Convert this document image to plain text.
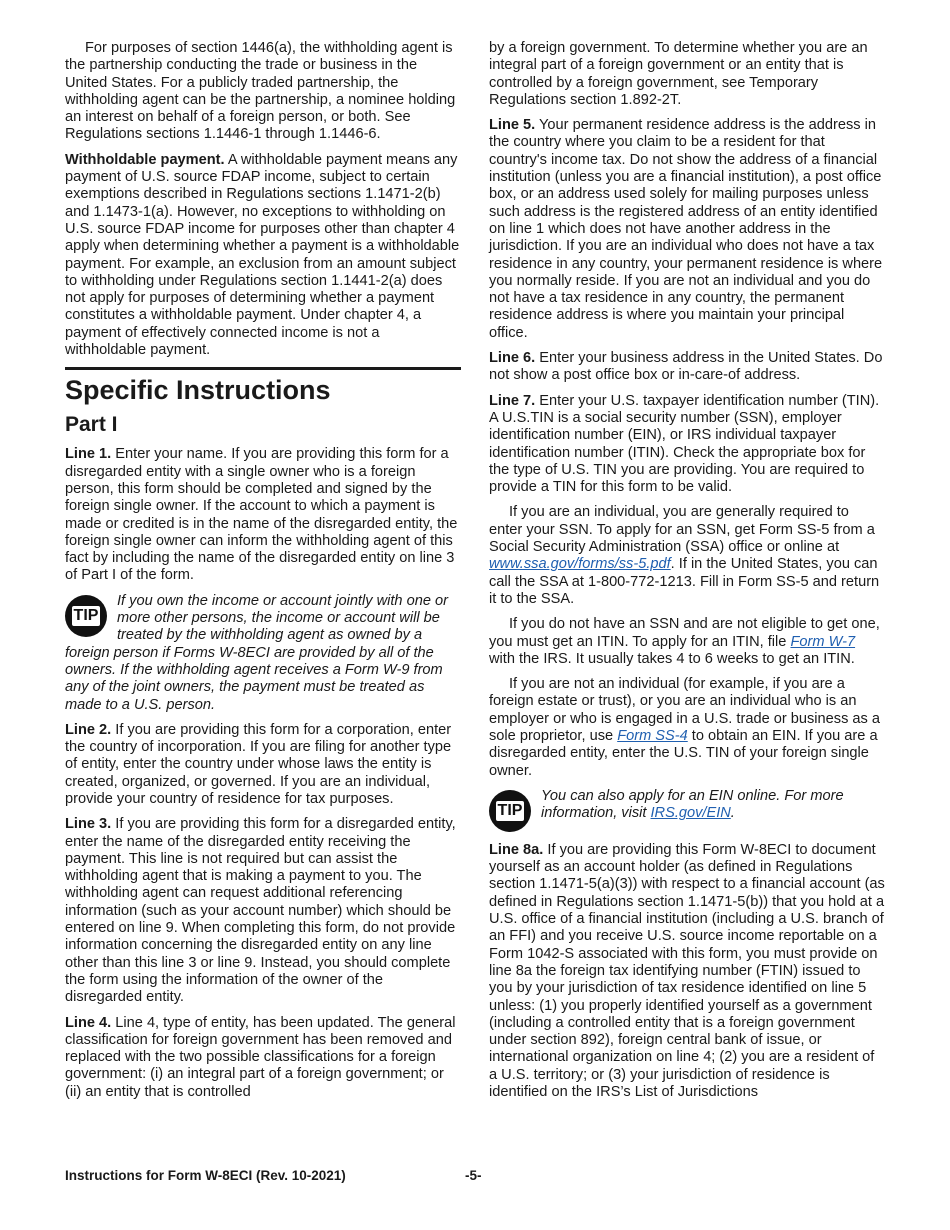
For purposes of section 1446(a), the withholding agent is the partnership conducting the trade or business in the United States. For a publicly traded partnership, the withholding agent can be the partnership, a nominee holding an interest on behalf of a foreign person, or both. See Regulations sections 1.1446-1 through 1.1446-6.

Withholdable payment. A withholdable payment means any payment of U.S. source FDAP income, subject to certain exemptions described in Regulations sections 1.1471-2(b) and 1.1473-1(a). However, no exceptions to withholding on U.S. source FDAP income for purposes other than chapter 4 apply when determining whether a payment is a withholdable payment. For example, an exclusion from an amount subject to withholding under Regulations section 1.1441-2(a) does not apply for purposes of determining whether a payment constitutes a withholdable payment. Under chapter 4, a payment of effectively connected income is not a withholdable payment.

Specific Instructions
Part I

Line 1. Enter your name. If you are providing this form for a disregarded entity with a single owner who is a foreign person, this form should be completed and signed by the foreign single owner. If the account to which a payment is made or credited is in the name of the disregarded entity, the foreign single owner can inform the withholding agent of this fact by including the name of the disregarded entity on line 3 of Part I of the form.

TIP
If you own the income or account jointly with one or more other persons, the income or account will be treated by the withholding agent as owned by a foreign person if Forms W-8ECI are provided by all of the owners. If the withholding agent receives a Form W-9 from any of the joint owners, the payment must be treated as made to a U.S. person.

Line 2. If you are providing this form for a corporation, enter the country of incorporation. If you are filing for another type of entity, enter the country under whose laws the entity is created, organized, or governed. If you are an individual, provide your country of residence for tax purposes.

Line 3. If you are providing this form for a disregarded entity, enter the name of the disregarded entity receiving the payment. This line is not required but can assist the withholding agent that is making a payment to you. The withholding agent can request additional referencing information (such as your account number) which should be entered on line 9. When completing this form, do not provide information concerning the disregarded entity on any line other than this line 3 or line 9. Instead, you should complete the form using the information of the owner of the disregarded entity.

Line 4. Line 4, type of entity, has been updated. The general classification for foreign government has been removed and replaced with the two possible classifications for a foreign government: (i) an integral part of a foreign government; or (ii) an entity that is controlled

by a foreign government. To determine whether you are an integral part of a foreign government or an entity that is controlled by a foreign government, see Temporary Regulations section 1.892-2T.

Line 5. Your permanent residence address is the address in the country where you claim to be a resident for that country's income tax. Do not show the address of a financial institution (unless you are a financial institution), a post office box, or an address used solely for mailing purposes unless such address is the registered address of an entity identified on line 1 which does not have another address in the jurisdiction. If you are an individual who does not have a tax residence in any country, your permanent residence is where you normally reside. If you are not an individual and you do not have a tax residence in any country, the permanent residence address is where you maintain your principal office.

Line 6. Enter your business address in the United States. Do not show a post office box or in-care-of address.

Line 7. Enter your U.S. taxpayer identification number (TIN). A U.S.TIN is a social security number (SSN), employer identification number (EIN), or IRS individual taxpayer identification number (ITIN). Check the appropriate box for the type of U.S. TIN you are providing. You are required to provide a TIN for this form to be valid.

If you are an individual, you are generally required to enter your SSN. To apply for an SSN, get Form SS-5 from a Social Security Administration (SSA) office or online at www.ssa.gov/forms/ss-5.pdf. If in the United States, you can call the SSA at 1-800-772-1213. Fill in Form SS-5 and return it to the SSA.

If you do not have an SSN and are not eligible to get one, you must get an ITIN. To apply for an ITIN, file Form W-7 with the IRS. It usually takes 4 to 6 weeks to get an ITIN.

If you are not an individual (for example, if you are a foreign estate or trust), or you are an individual who is an employer or who is engaged in a U.S. trade or business as a sole proprietor, use Form SS-4 to obtain an EIN. If you are a disregarded entity, enter the U.S. TIN of your foreign single owner.

TIP
You can also apply for an EIN online. For more information, visit IRS.gov/EIN.

Line 8a. If you are providing this Form W-8ECI to document yourself as an account holder (as defined in Regulations section 1.1471-5(a)(3)) with respect to a financial account (as defined in Regulations section 1.1471-5(b)) that you hold at a U.S. office of a financial institution (including a U.S. branch of an FFI) and you receive U.S. source income reportable on a Form 1042-S associated with this form, you must provide on line 8a the foreign tax identifying number (FTIN) issued to you by your jurisdiction of tax residence identified on line 5 unless: (1) you properly identified yourself as a government (including a controlled entity that is a foreign government under section 892), foreign central bank of issue, or international organization on line 4; (2) you are a resident of a U.S. territory; or (3) your jurisdiction of residence is identified on the IRS’s List of Jurisdictions

Instructions for Form W-8ECI (Rev. 10-2021)	-5-
